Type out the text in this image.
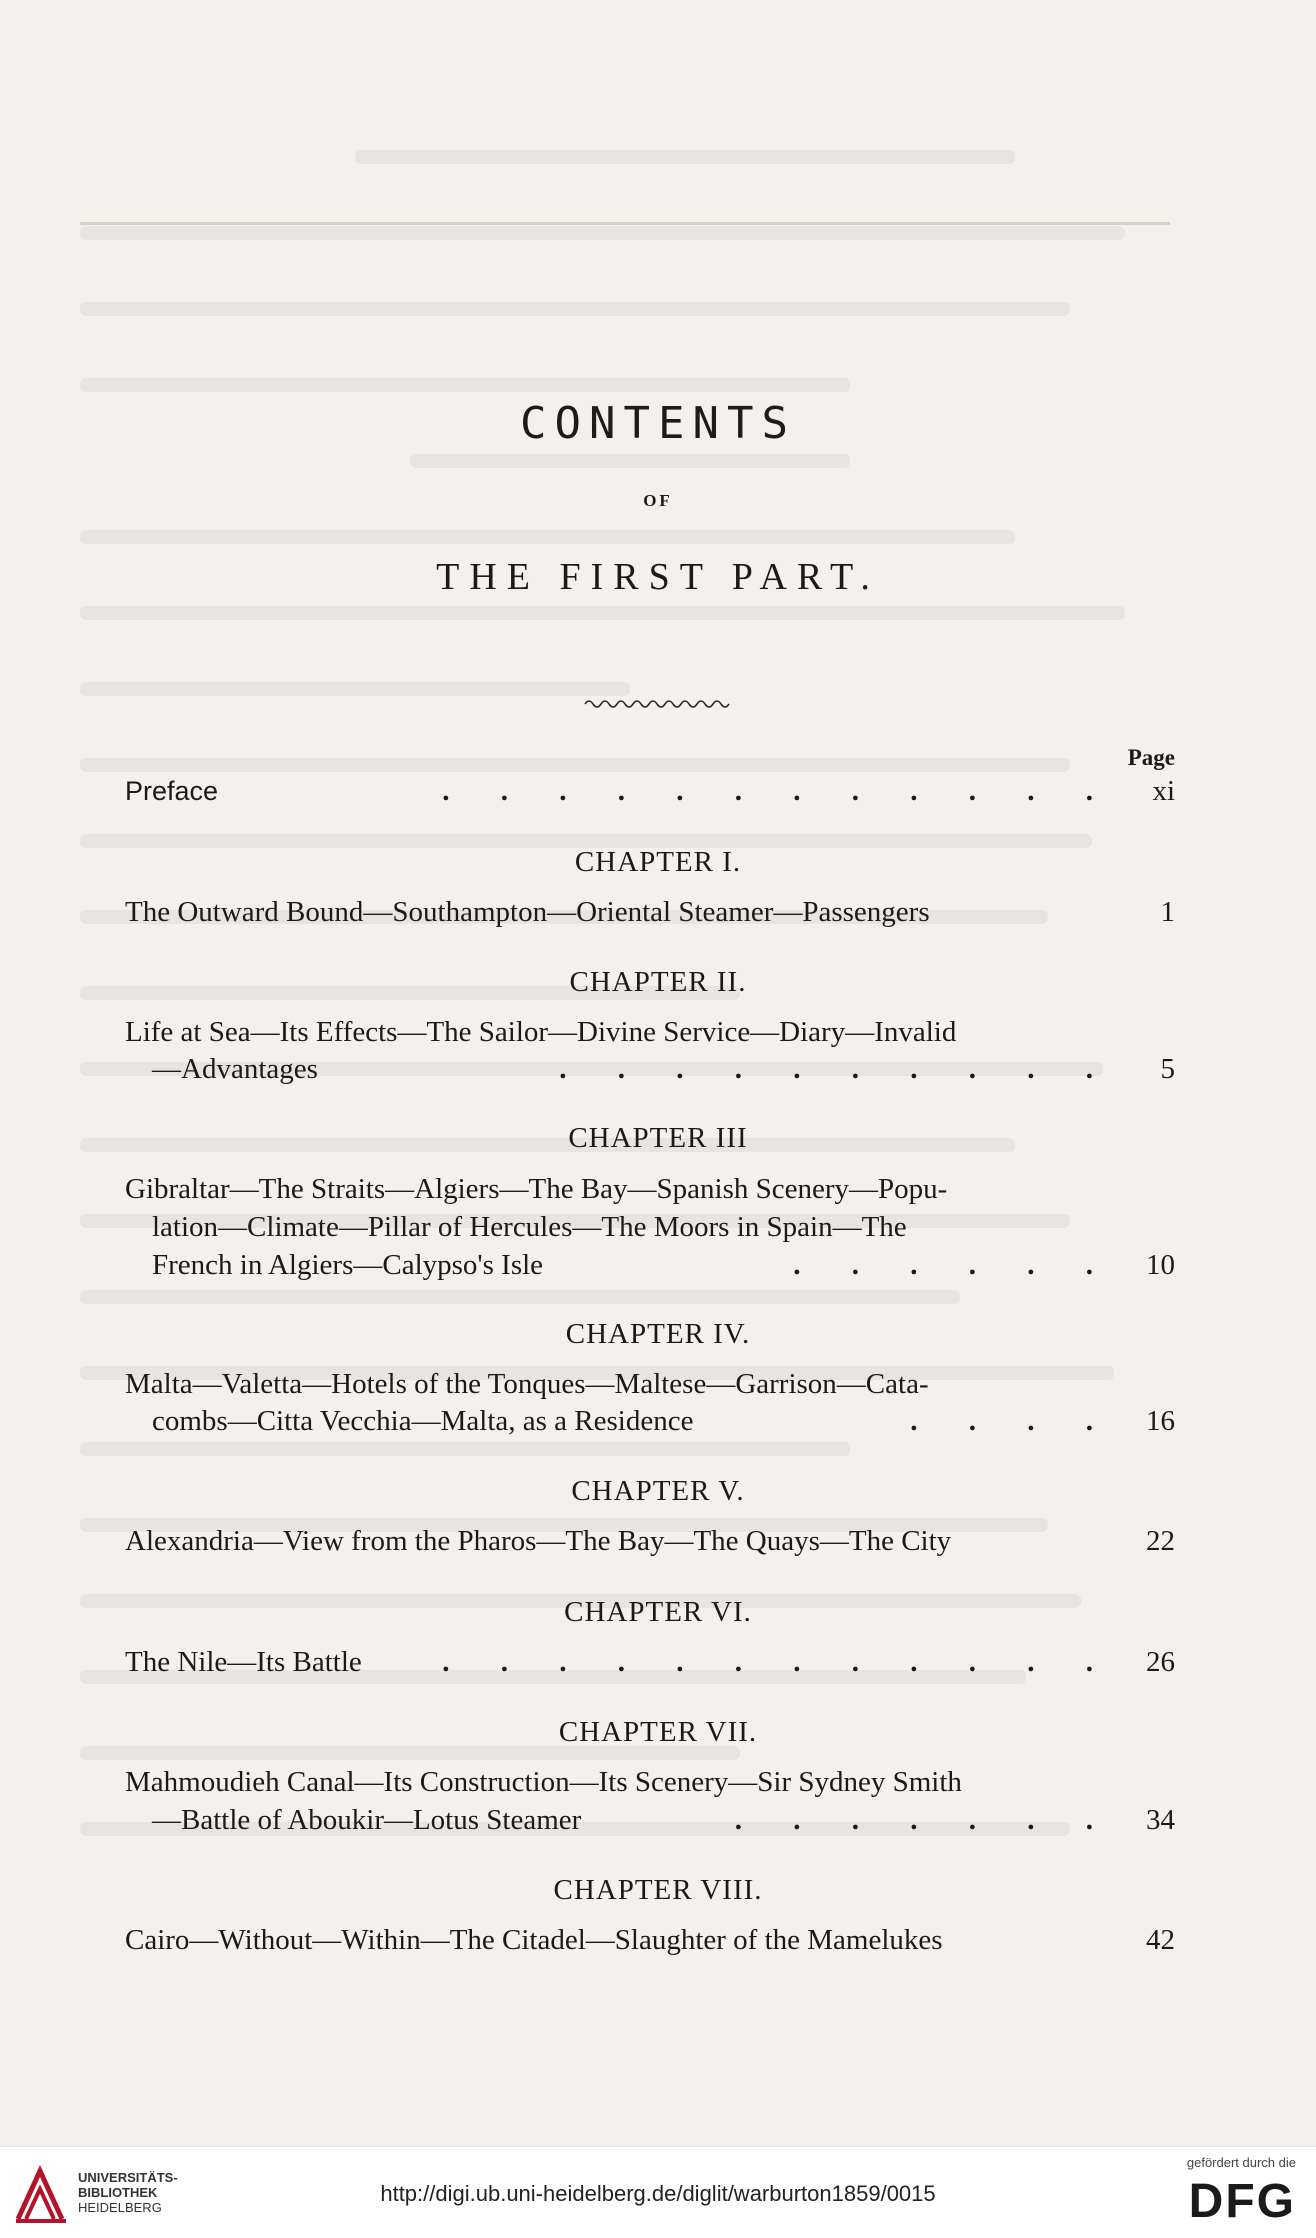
CONTENTS
OF
THE FIRST PART.
Page
Preface	. . . . . . . . . . . .	xi
CHAPTER I.
The Outward Bound—Southampton—Oriental Steamer—Passengers	1
CHAPTER II.
Life at Sea—Its Effects—The Sailor—Divine Service—Diary—Invalid
—Advantages	. . . . . . . . . .	5
CHAPTER III
Gibraltar—The Straits—Algiers—The Bay—Spanish Scenery—Popu-
lation—Climate—Pillar of Hercules—The Moors in Spain—The
French in Algiers—Calypso's Isle	. . . . . .	10
CHAPTER IV.
Malta—Valetta—Hotels of the Tonques—Maltese—Garrison—Cata-
combs—Citta Vecchia—Malta, as a Residence	. . . .	16
CHAPTER V.
Alexandria—View from the Pharos—The Bay—The Quays—The City	22
CHAPTER VI.
The Nile—Its Battle	. . . . . . . . . . . .	26
CHAPTER VII.
Mahmoudieh Canal—Its Construction—Its Scenery—Sir Sydney Smith
—Battle of Aboukir—Lotus Steamer	. . . . . . .	34
CHAPTER VIII.
Cairo—Without—Within—The Citadel—Slaughter of the Mamelukes	42
UNIVERSITÄTS-
BIBLIOTHEK
HEIDELBERG
http://digi.ub.uni-heidelberg.de/diglit/warburton1859/0015
gefördert durch die
DFG
